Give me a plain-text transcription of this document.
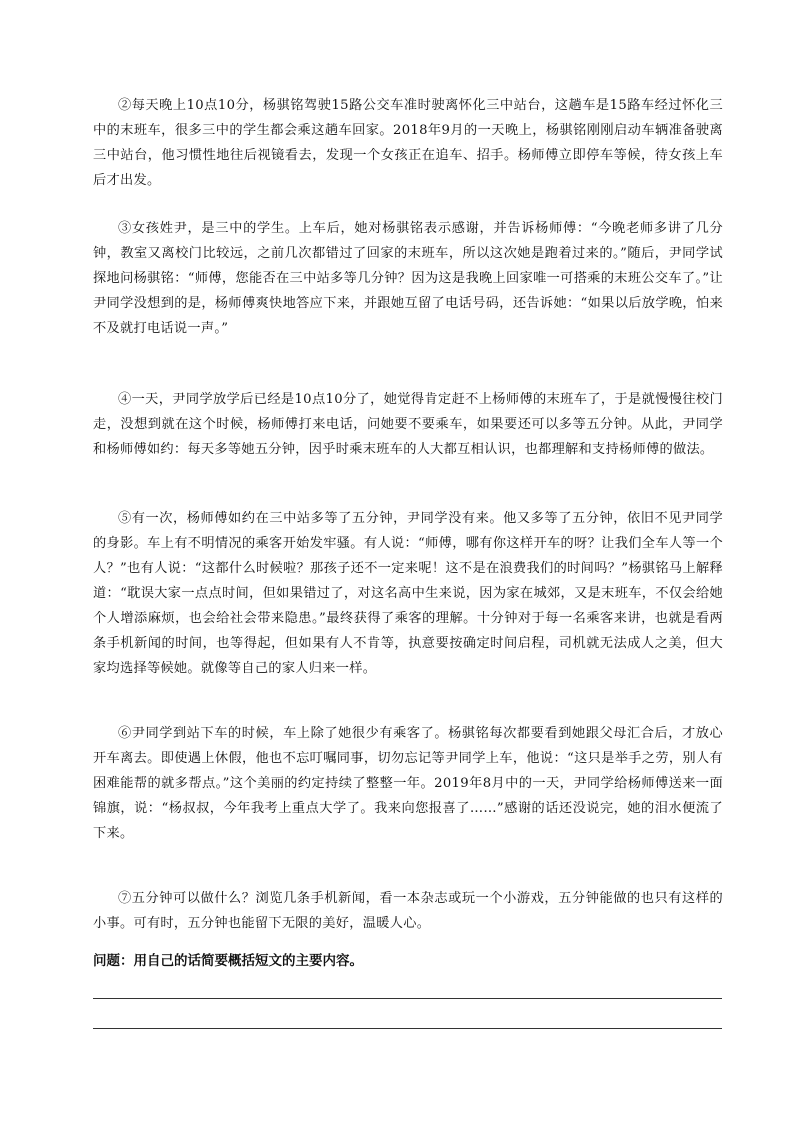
②每天晚上10点10分，杨骐铭驾驶15路公交车准时驶离怀化三中站台，这趟车是15路车经过怀化三中的末班车，很多三中的学生都会乘这趟车回家。2018年9月的一天晚上，杨骐铭刚刚启动车辆准备驶离三中站台，他习惯性地往后视镜看去，发现一个女孩正在追车、招手。杨师傅立即停车等候，待女孩上车后才出发。

③女孩姓尹，是三中的学生。上车后，她对杨骐铭表示感谢，并告诉杨师傅：“今晚老师多讲了几分钟，教室又离校门比较远，之前几次都错过了回家的末班车，所以这次她是跑着过来的。”随后，尹同学试探地问杨骐铭：“师傅，您能否在三中站多等几分钟？因为这是我晚上回家唯一可搭乘的末班公交车了。”让尹同学没想到的是，杨师傅爽快地答应下来，并跟她互留了电话号码，还告诉她：“如果以后放学晚，怕来不及就打电话说一声。”

④一天，尹同学放学后已经是10点10分了，她觉得肯定赶不上杨师傅的末班车了，于是就慢慢往校门走，没想到就在这个时候，杨师傅打来电话，问她要不要乘车，如果要还可以多等五分钟。从此，尹同学和杨师傅如约：每天多等她五分钟，因乎时乘末班车的人大都互相认识，也都理解和支持杨师傅的做法。

⑤有一次，杨师傅如约在三中站多等了五分钟，尹同学没有来。他又多等了五分钟，依旧不见尹同学的身影。车上有不明情况的乘客开始发牢骚。有人说：“师傅，哪有你这样开车的呀？让我们全车人等一个人？”也有人说：“这都什么时候啦？那孩子还不一定来呢！这不是在浪费我们的时间吗？”杨骐铭马上解释道：“耽误大家一点点时间，但如果错过了，对这名高中生来说，因为家在城郊，又是末班车，不仅会给她个人增添麻烦，也会给社会带来隐患。”最终获得了乘客的理解。十分钟对于每一名乘客来讲，也就是看两条手机新闻的时间，也等得起，但如果有人不肯等，执意要按确定时间启程，司机就无法成人之美，但大家均选择等候她。就像等自己的家人归来一样。

⑥尹同学到站下车的时候，车上除了她很少有乘客了。杨骐铭每次都要看到她跟父母汇合后，才放心开车离去。即使遇上休假，他也不忘叮嘱同事，切勿忘记等尹同学上车，他说：“这只是举手之劳，别人有困难能帮的就多帮点。”这个美丽的约定持续了整整一年。2019年8月中的一天，尹同学给杨师傅送来一面锦旗，说：“杨叔叔，今年我考上重点大学了。我来向您报喜了……”感谢的话还没说完，她的泪水便流了下来。

⑦五分钟可以做什么？浏览几条手机新闻，看一本杂志或玩一个小游戏，五分钟能做的也只有这样的小事。可有时，五分钟也能留下无限的美好，温暖人心。

问题：用自己的话简要概括短文的主要内容。
